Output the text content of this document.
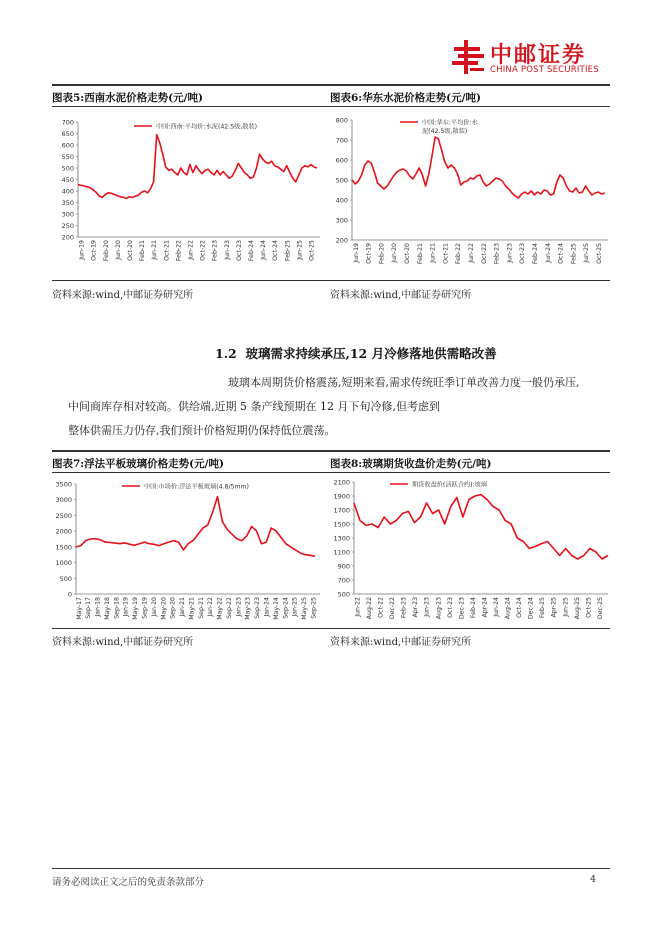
中邮证券
CHINA POST SECURITIES
图表5:西南水泥价格走势(元/吨)	图表6:华东水泥价格走势(元/吨)
200
250
300
350
400
450
500
550
600
650
700
Jun-19 Oct-19 Feb-20 Jun-20 Oct-20 Feb-21 Jun-21 Oct-21 Feb-22 Jun-22 Oct-22 Feb-23 Jun-23 Oct-23 Feb-24 Jun-24 Oct-24 Feb-25 Jun-25 Oct-25
中国:西南:平均价:水泥(42.5级,散装)
200
300
400
500
600
700
800
Jun-19 Oct-19 Feb-20 Jun-20 Oct-20 Feb-21 Jun-21 Oct-21 Feb-22 Jun-22 Oct-22 Feb-23 Jun-23 Oct-23 Feb-24 Jun-24 Oct-24 Feb-25 Jun-25 Oct-25
中国:华东:平均价:水
泥(42.5级,散装)
资料来源:wind,中邮证券研究所	资料来源:wind,中邮证券研究所
1.2 玻璃需求持续承压,12 月冷修落地供需略改善

玻璃本周期货价格震荡,短期来看,需求传统旺季订单改善力度一般仍承压,

中间商库存相对较高。供给端,近期 5 条产线预期在 12 月下旬冷修,但考虑到

整体供需压力仍存,我们预计价格短期仍保持低位震荡。

图表7:浮法平板玻璃价格走势(元/吨)	图表8:玻璃期货收盘价走势(元/吨)
0
500
1000
1500
2000
2500
3000
3500
May-17 Sep-17 Jan-18 May-18 Sep-18 Jan-19 May-19 Sep-19 Jan-20 May-20 Sep-20 Jan-21 May-21 Sep-21 Jan-22 May-22 Sep-22 Jan-23 May-23 Sep-23 Jan-24 May-24 Sep-24 Jan-25 May-25 Sep-25
中国:市场价:浮法平板玻璃(4.8/5mm)
500
700
900
1100
1300
1500
1700
1900
2100
Jun-22 Aug-22 Oct-22 Dec-22 Feb-23 Apr-23 Jun-23 Aug-23 Oct-23 Dec-23 Feb-24 Apr-24 Jun-24 Aug-24 Oct-24 Dec-24 Feb-25 Apr-25 Jun-25 Aug-25 Oct-25 Dec-25
期货收盘价(活跃合约):玻璃
资料来源:wind,中邮证券研究所	资料来源:wind,中邮证券研究所
请务必阅读正文之后的免责条款部分	4
